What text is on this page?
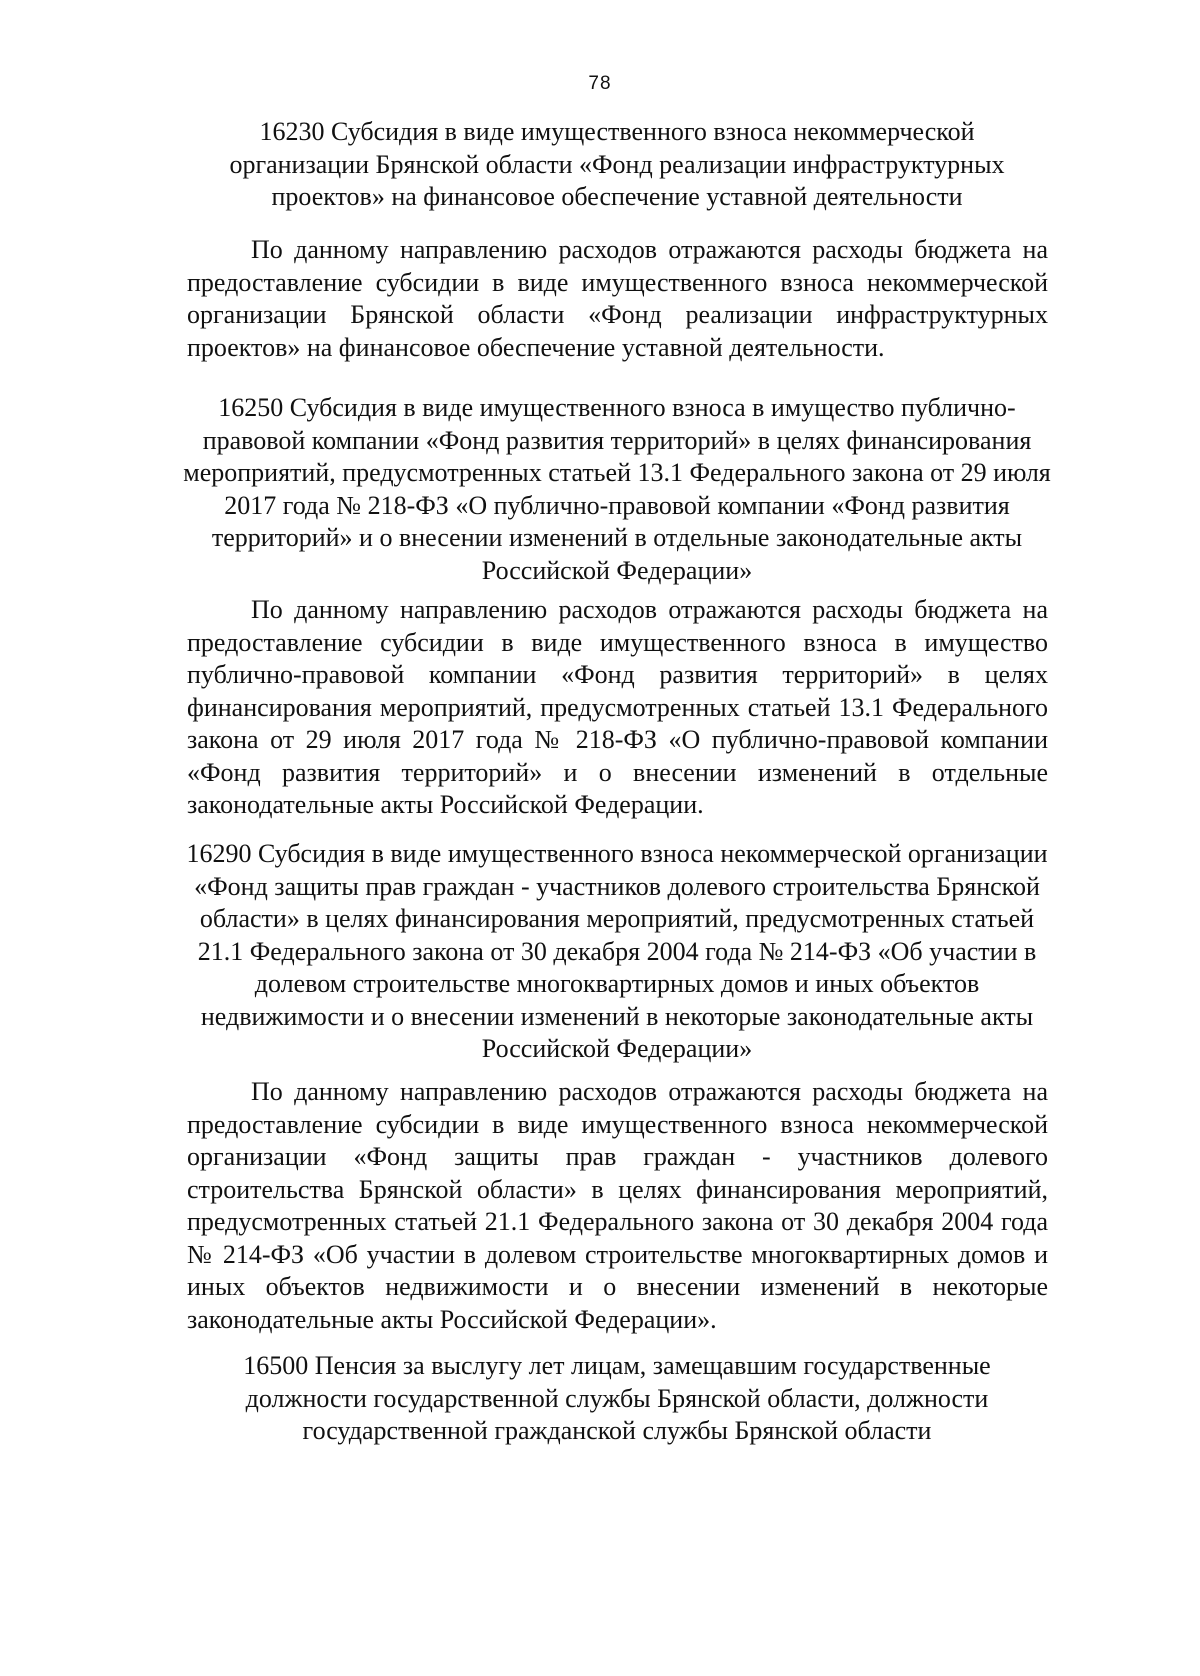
78
16230 Субсидия в виде имущественного взноса некоммерческой организации Брянской области «Фонд реализации инфраструктурных проектов» на финансовое обеспечение уставной деятельности
По данному направлению расходов отражаются расходы бюджета на предоставление субсидии в виде имущественного взноса некоммерческой организации Брянской области «Фонд реализации инфраструктурных проектов» на финансовое обеспечение уставной деятельности.
16250 Субсидия в виде имущественного взноса в имущество публично-правовой компании «Фонд развития территорий» в целях финансирования мероприятий, предусмотренных статьей 13.1 Федерального закона от 29 июля 2017 года № 218-ФЗ «О публично-правовой компании «Фонд развития территорий» и о внесении изменений в отдельные законодательные акты Российской Федерации»
По данному направлению расходов отражаются расходы бюджета на предоставление субсидии в виде имущественного взноса в имущество публично-правовой компании «Фонд развития территорий» в целях финансирования мероприятий, предусмотренных статьей 13.1 Федерального закона от 29 июля 2017 года № 218-ФЗ «О публично-правовой компании «Фонд развития территорий» и о внесении изменений в отдельные законодательные акты Российской Федерации.
16290 Субсидия в виде имущественного взноса некоммерческой организации «Фонд защиты прав граждан - участников долевого строительства Брянской области» в целях финансирования мероприятий, предусмотренных статьей 21.1 Федерального закона от 30 декабря 2004 года № 214-ФЗ «Об участии в долевом строительстве многоквартирных домов и иных объектов недвижимости и о внесении изменений в некоторые законодательные акты Российской Федерации»
По данному направлению расходов отражаются расходы бюджета на предоставление субсидии в виде имущественного взноса некоммерческой организации «Фонд защиты прав граждан - участников долевого строительства Брянской области» в целях финансирования мероприятий, предусмотренных статьей 21.1 Федерального закона от 30 декабря 2004 года № 214-ФЗ «Об участии в долевом строительстве многоквартирных домов и иных объектов недвижимости и о внесении изменений в некоторые законодательные акты Российской Федерации».
16500 Пенсия за выслугу лет лицам, замещавшим государственные должности государственной службы Брянской области, должности государственной гражданской службы Брянской области
